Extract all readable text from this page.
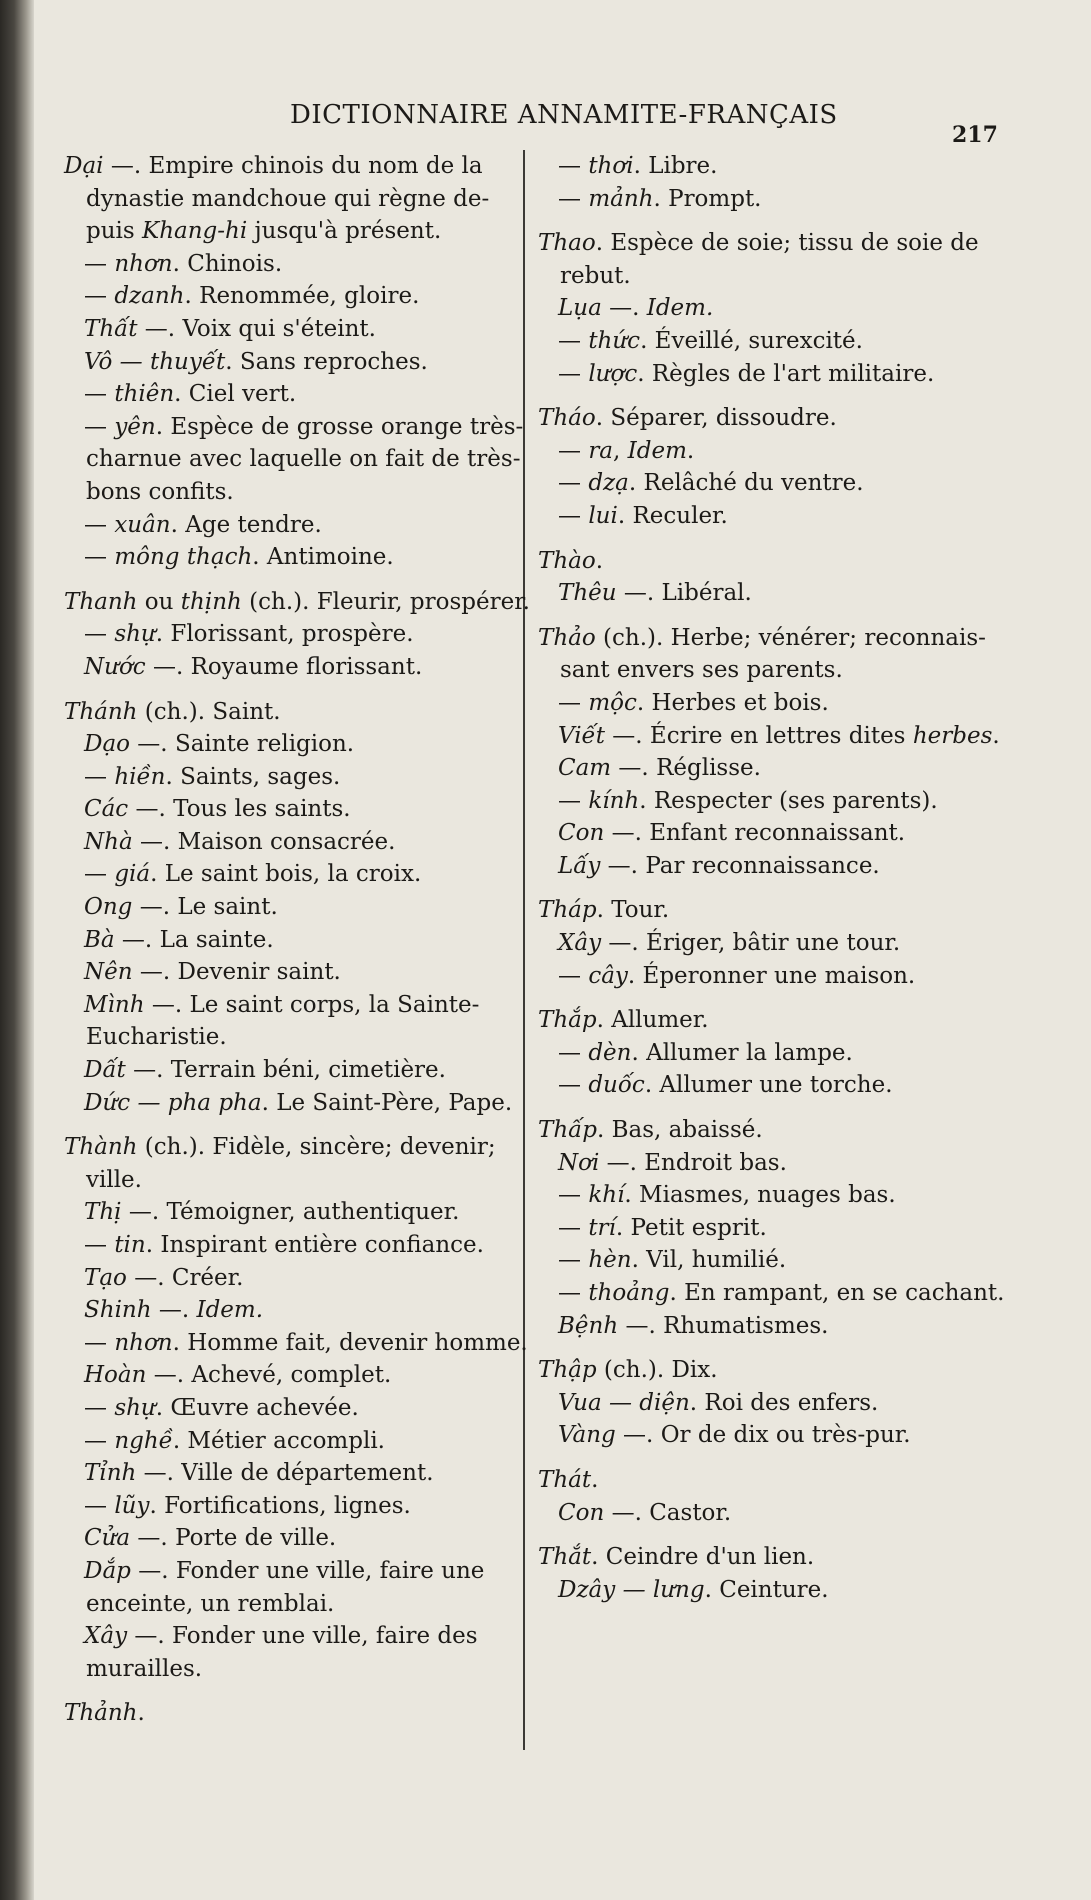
DICTIONNAIRE ANNAMITE-FRANÇAIS
217
Dại —. Empire chinois du nom de la
dynastie mandchoue qui règne de-
puis Khang-hi jusqu'à présent.
— nhơn. Chinois.
— dzanh. Renommée, gloire.
Thất —. Voix qui s'éteint.
Vô — thuyết. Sans reproches.
— thiên. Ciel vert.
— yên. Espèce de grosse orange très-
charnue avec laquelle on fait de très-
bons confits.
— xuân. Age tendre.
— mông thạch. Antimoine.
Thanh ou thịnh (ch.). Fleurir, prospérer.
— shự. Florissant, prospère.
Nước —. Royaume florissant.
Thánh (ch.). Saint.
Dạo —. Sainte religion.
— hiền. Saints, sages.
Các —. Tous les saints.
Nhà —. Maison consacrée.
— giá. Le saint bois, la croix.
Ong —. Le saint.
Bà —. La sainte.
Nên —. Devenir saint.
Mình —. Le saint corps, la Sainte-
Eucharistie.
Dất —. Terrain béni, cimetière.
Dức — pha pha. Le Saint-Père, Pape.
Thành (ch.). Fidèle, sincère; devenir;
ville.
Thị —. Témoigner, authentiquer.
— tin. Inspirant entière confiance.
Tạo —. Créer.
Shinh —. Idem.
— nhơn. Homme fait, devenir homme.
Hoàn —. Achevé, complet.
— shự. Œuvre achevée.
— nghề. Métier accompli.
Tỉnh —. Ville de département.
— lũy. Fortifications, lignes.
Cửa —. Porte de ville.
Dắp —. Fonder une ville, faire une
enceinte, un remblai.
Xây —. Fonder une ville, faire des
murailles.
Thảnh.
— thơi. Libre.
— mảnh. Prompt.
Thao. Espèce de soie; tissu de soie de
rebut.
Lụa —. Idem.
— thức. Éveillé, surexcité.
— lược. Règles de l'art militaire.
Tháo. Séparer, dissoudre.
— ra, Idem.
— dzạ. Relâché du ventre.
— lui. Reculer.
Thào.
Thêu —. Libéral.
Thảo (ch.). Herbe; vénérer; reconnais-
sant envers ses parents.
— mộc. Herbes et bois.
Viết —. Écrire en lettres dites herbes.
Cam —. Réglisse.
— kính. Respecter (ses parents).
Con —. Enfant reconnaissant.
Lấy —. Par reconnaissance.
Tháp. Tour.
Xây —. Ériger, bâtir une tour.
— cây. Éperonner une maison.
Thắp. Allumer.
— dèn. Allumer la lampe.
— duốc. Allumer une torche.
Thấp. Bas, abaissé.
Nơi —. Endroit bas.
— khí. Miasmes, nuages bas.
— trí. Petit esprit.
— hèn. Vil, humilié.
— thoảng. En rampant, en se cachant.
Bệnh —. Rhumatismes.
Thập (ch.). Dix.
Vua — diện. Roi des enfers.
Vàng —. Or de dix ou très-pur.
Thát.
Con —. Castor.
Thắt. Ceindre d'un lien.
Dzây — lưng. Ceinture.
